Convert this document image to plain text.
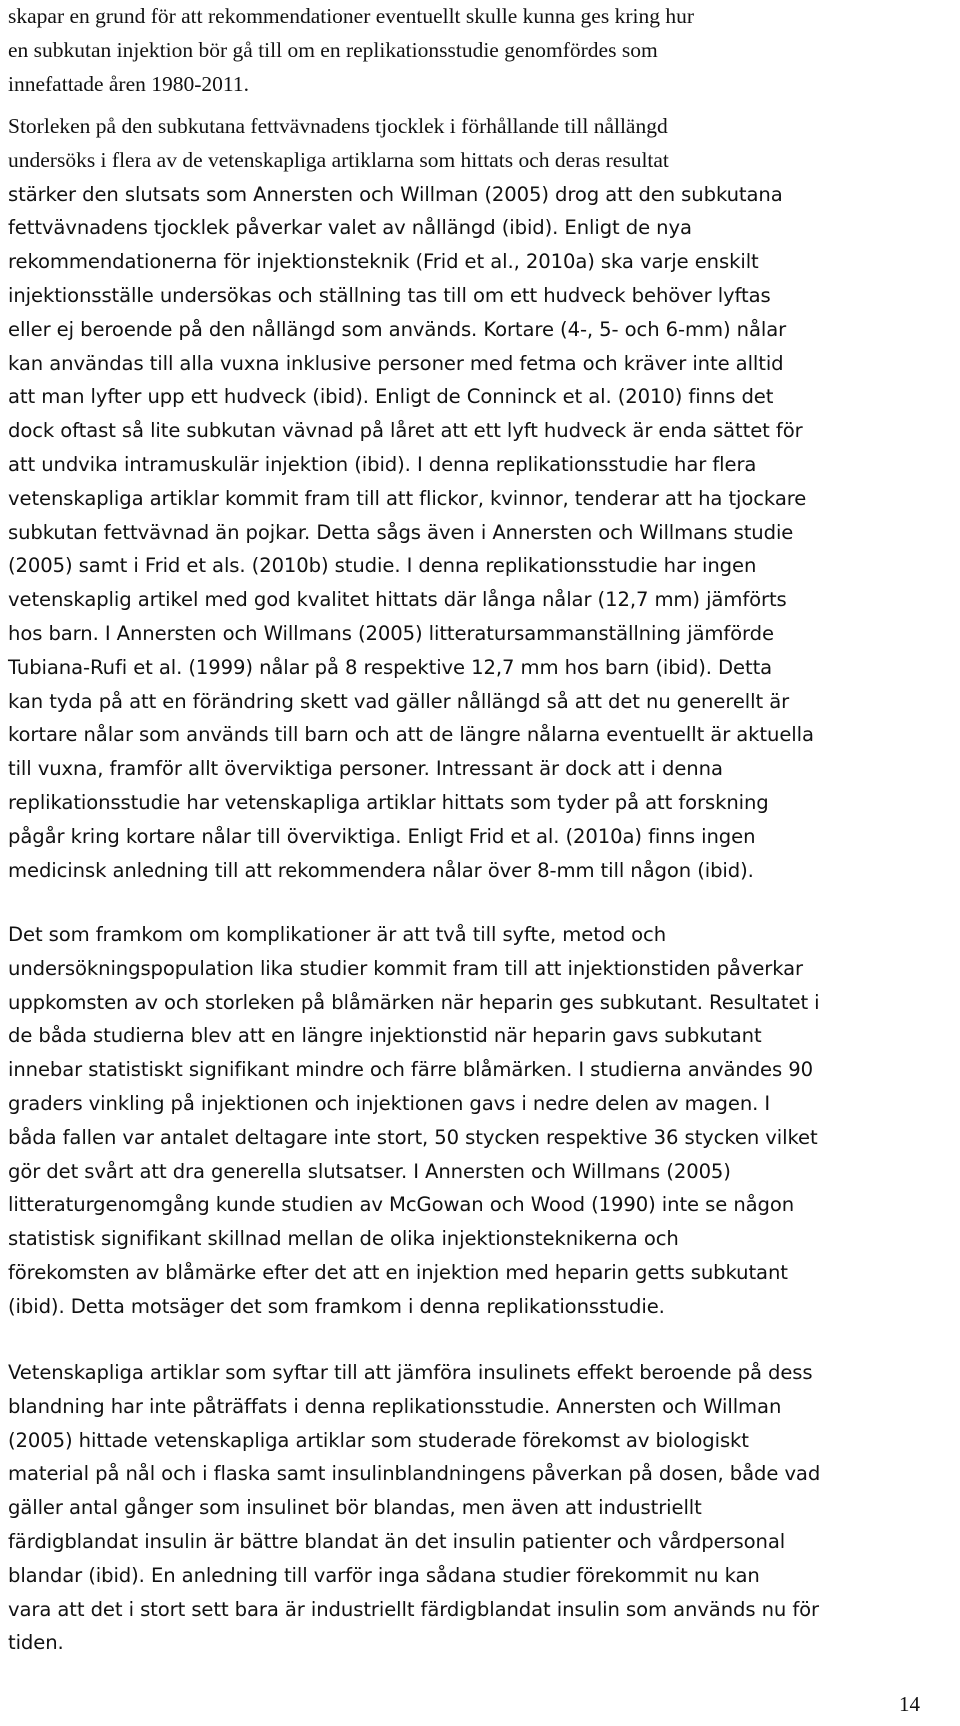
skapar en grund för att rekommendationer eventuellt skulle kunna ges kring hur
en subkutan injektion bör gå till om en replikationsstudie genomfördes som
innefattade åren 1980-2011.
Storleken på den subkutana fettvävnadens tjocklek i förhållande till nållängd
undersöks i flera av de vetenskapliga artiklarna som hittats och deras resultat
stärker den slutsats som Annersten och Willman (2005) drog att den subkutana
fettvävnadens tjocklek påverkar valet av nållängd (ibid). Enligt de nya
rekommendationerna för injektionsteknik (Frid et al., 2010a) ska varje enskilt
injektionsställe undersökas och ställning tas till om ett hudveck behöver lyftas
eller ej beroende på den nållängd som används. Kortare (4-, 5- och 6-mm) nålar
kan användas till alla vuxna inklusive personer med fetma och kräver inte alltid
att man lyfter upp ett hudveck (ibid). Enligt de Conninck et al. (2010) finns det
dock oftast så lite subkutan vävnad på låret att ett lyft hudveck är enda sättet för
att undvika intramuskulär injektion (ibid). I denna replikationsstudie har flera
vetenskapliga artiklar kommit fram till att flickor, kvinnor, tenderar att ha tjockare
subkutan fettvävnad än pojkar. Detta sågs även i Annersten och Willmans studie
(2005) samt i Frid et als. (2010b) studie. I denna replikationsstudie har ingen
vetenskaplig artikel med god kvalitet hittats där långa nålar (12,7 mm) jämförts
hos barn. I Annersten och Willmans (2005) litteratursammanställning jämförde
Tubiana-Rufi et al. (1999) nålar på 8 respektive 12,7 mm hos barn (ibid). Detta
kan tyda på att en förändring skett vad gäller nållängd så att det nu generellt är
kortare nålar som används till barn och att de längre nålarna eventuellt är aktuella
till vuxna, framför allt överviktiga personer. Intressant är dock att i denna
replikationsstudie har vetenskapliga artiklar hittats som tyder på att forskning
pågår kring kortare nålar till överviktiga. Enligt Frid et al. (2010a) finns ingen
medicinsk anledning till att rekommendera nålar över 8-mm till någon (ibid).
Det som framkom om komplikationer är att två till syfte, metod och
undersökningspopulation lika studier kommit fram till att injektionstiden påverkar
uppkomsten av och storleken på blåmärken när heparin ges subkutant. Resultatet i
de båda studierna blev att en längre injektionstid när heparin gavs subkutant
innebar statistiskt signifikant mindre och färre blåmärken. I studierna användes 90
graders vinkling på injektionen och injektionen gavs i nedre delen av magen. I
båda fallen var antalet deltagare inte stort, 50 stycken respektive 36 stycken vilket
gör det svårt att dra generella slutsatser. I Annersten och Willmans (2005)
litteraturgenomgång kunde studien av McGowan och Wood (1990) inte se någon
statistisk signifikant skillnad mellan de olika injektionsteknikerna och
förekomsten av blåmärke efter det att en injektion med heparin getts subkutant
(ibid). Detta motsäger det som framkom i denna replikationsstudie.
Vetenskapliga artiklar som syftar till att jämföra insulinets effekt beroende på dess
blandning har inte påträffats i denna replikationsstudie. Annersten och Willman
(2005) hittade vetenskapliga artiklar som studerade förekomst av biologiskt
material på nål och i flaska samt insulinblandningens påverkan på dosen, både vad
gäller antal gånger som insulinet bör blandas, men även att industriellt
färdigblandat insulin är bättre blandat än det insulin patienter och vårdpersonal
blandar (ibid). En anledning till varför inga sådana studier förekommit nu kan
vara att det i stort sett bara är industriellt färdigblandat insulin som används nu för
tiden.
14
